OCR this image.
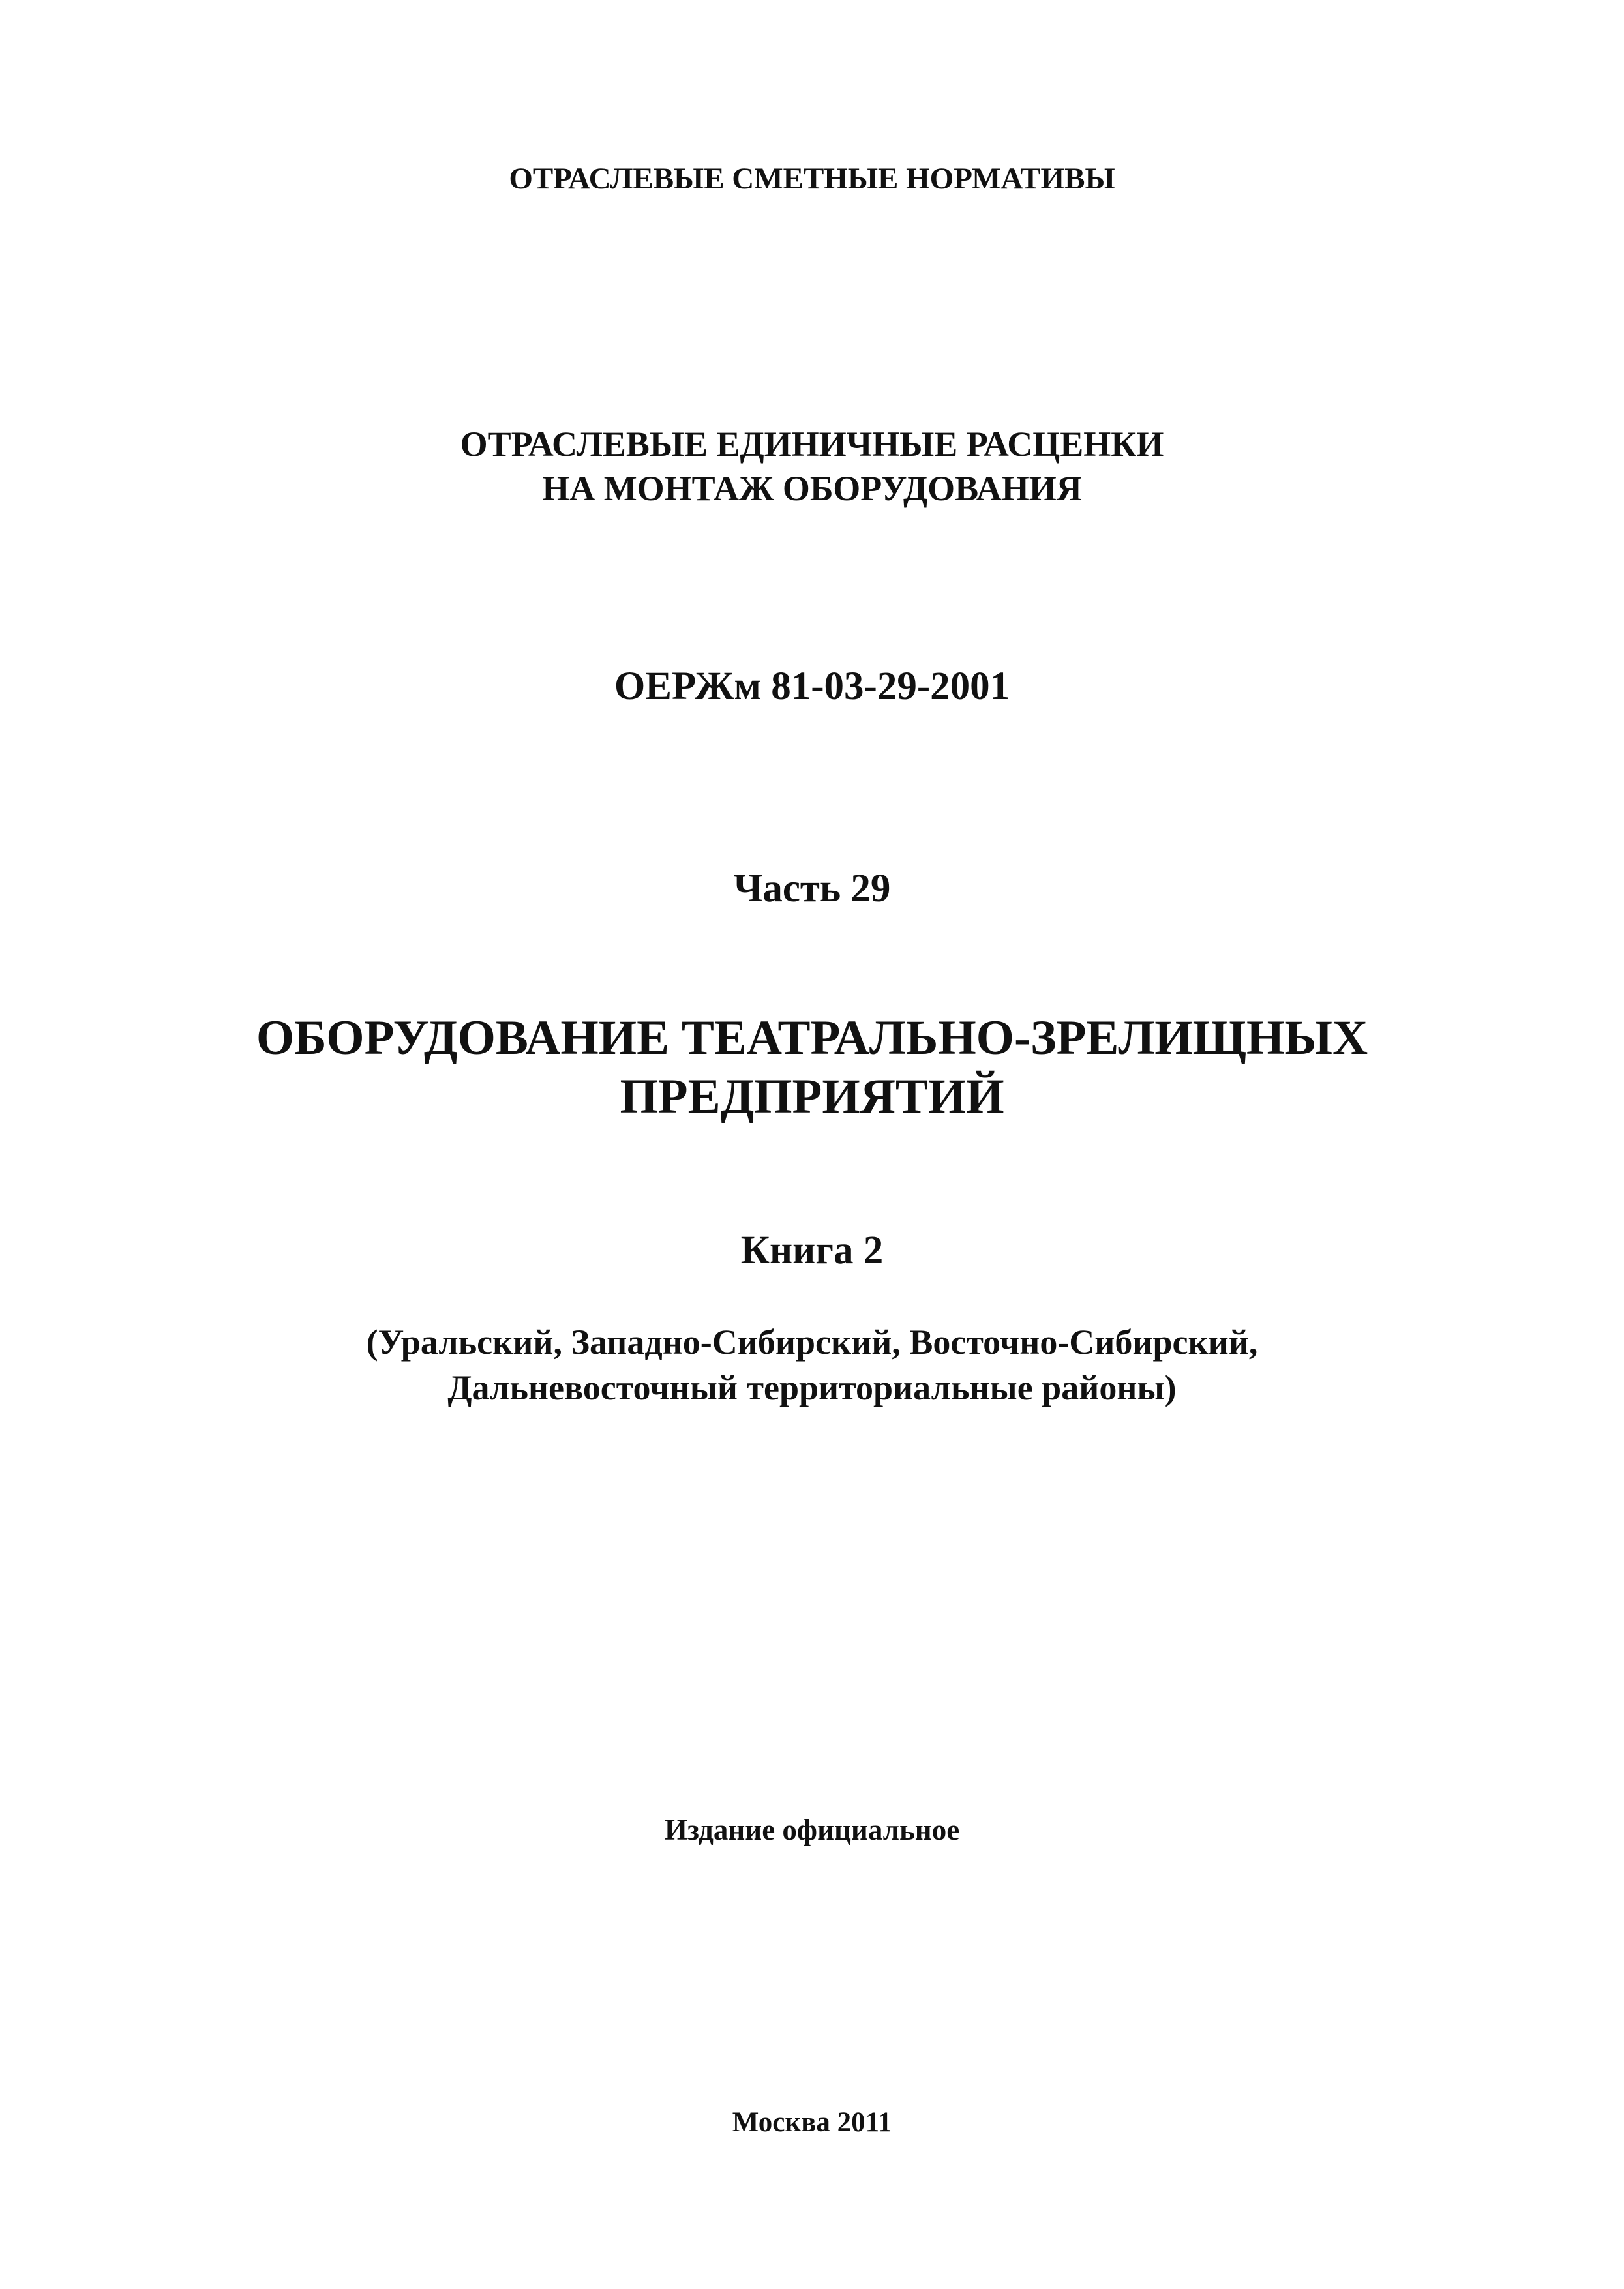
ОТРАСЛЕВЫЕ СМЕТНЫЕ НОРМАТИВЫ
ОТРАСЛЕВЫЕ ЕДИНИЧНЫЕ РАСЦЕНКИ
НА МОНТАЖ ОБОРУДОВАНИЯ
ОЕРЖм 81-03-29-2001
Часть 29
ОБОРУДОВАНИЕ ТЕАТРАЛЬНО-ЗРЕЛИЩНЫХ
ПРЕДПРИЯТИЙ
Книга 2
(Уральский, Западно-Сибирский, Восточно-Сибирский,
Дальневосточный территориальные районы)
Издание официальное
Москва 2011
